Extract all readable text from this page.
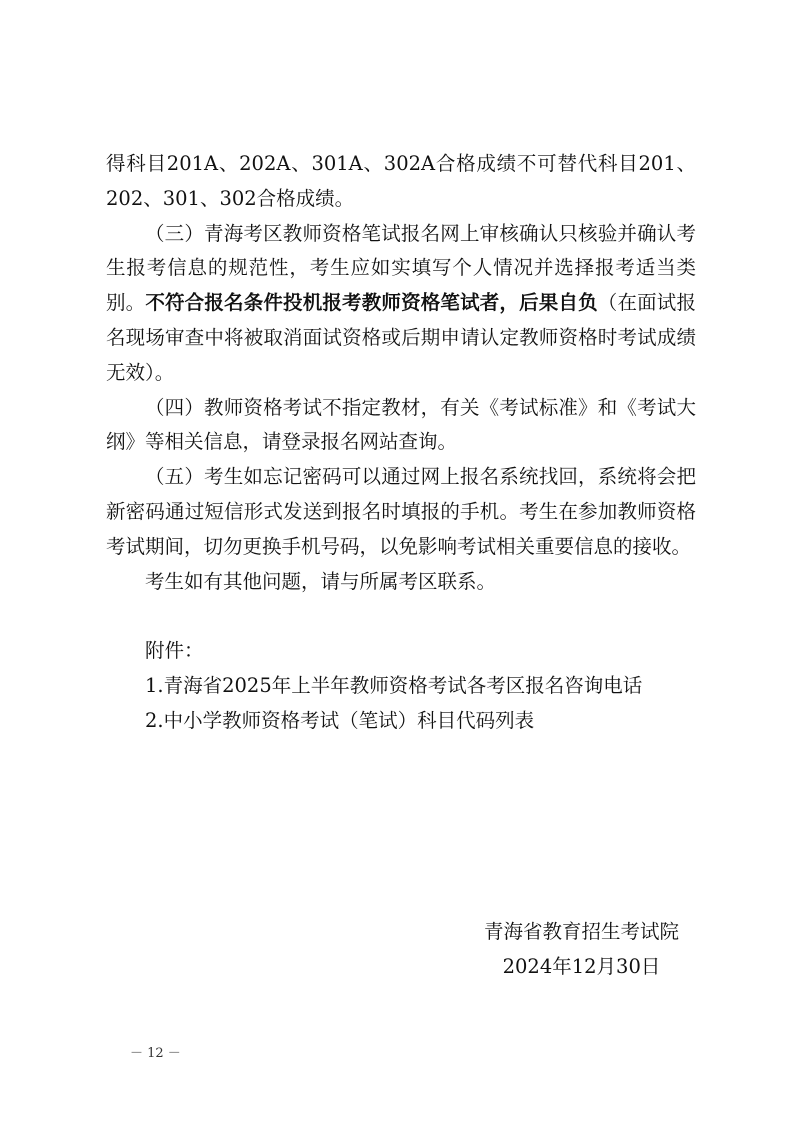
得科目201A、202A、301A、302A合格成绩不可替代科目201、202、301、302合格成绩。

（三）青海考区教师资格笔试报名网上审核确认只核验并确认考生报考信息的规范性，考生应如实填写个人情况并选择报考适当类别。不符合报名条件投机报考教师资格笔试者，后果自负（在面试报名现场审查中将被取消面试资格或后期申请认定教师资格时考试成绩无效）。

（四）教师资格考试不指定教材，有关《考试标准》和《考试大纲》等相关信息，请登录报名网站查询。

（五）考生如忘记密码可以通过网上报名系统找回，系统将会把新密码通过短信形式发送到报名时填报的手机。考生在参加教师资格考试期间，切勿更换手机号码，以免影响考试相关重要信息的接收。

考生如有其他问题，请与所属考区联系。

附件：

1.青海省2025年上半年教师资格考试各考区报名咨询电话

2.中小学教师资格考试（笔试）科目代码列表

青海省教育招生考试院
2024年12月30日
－ 12 －
